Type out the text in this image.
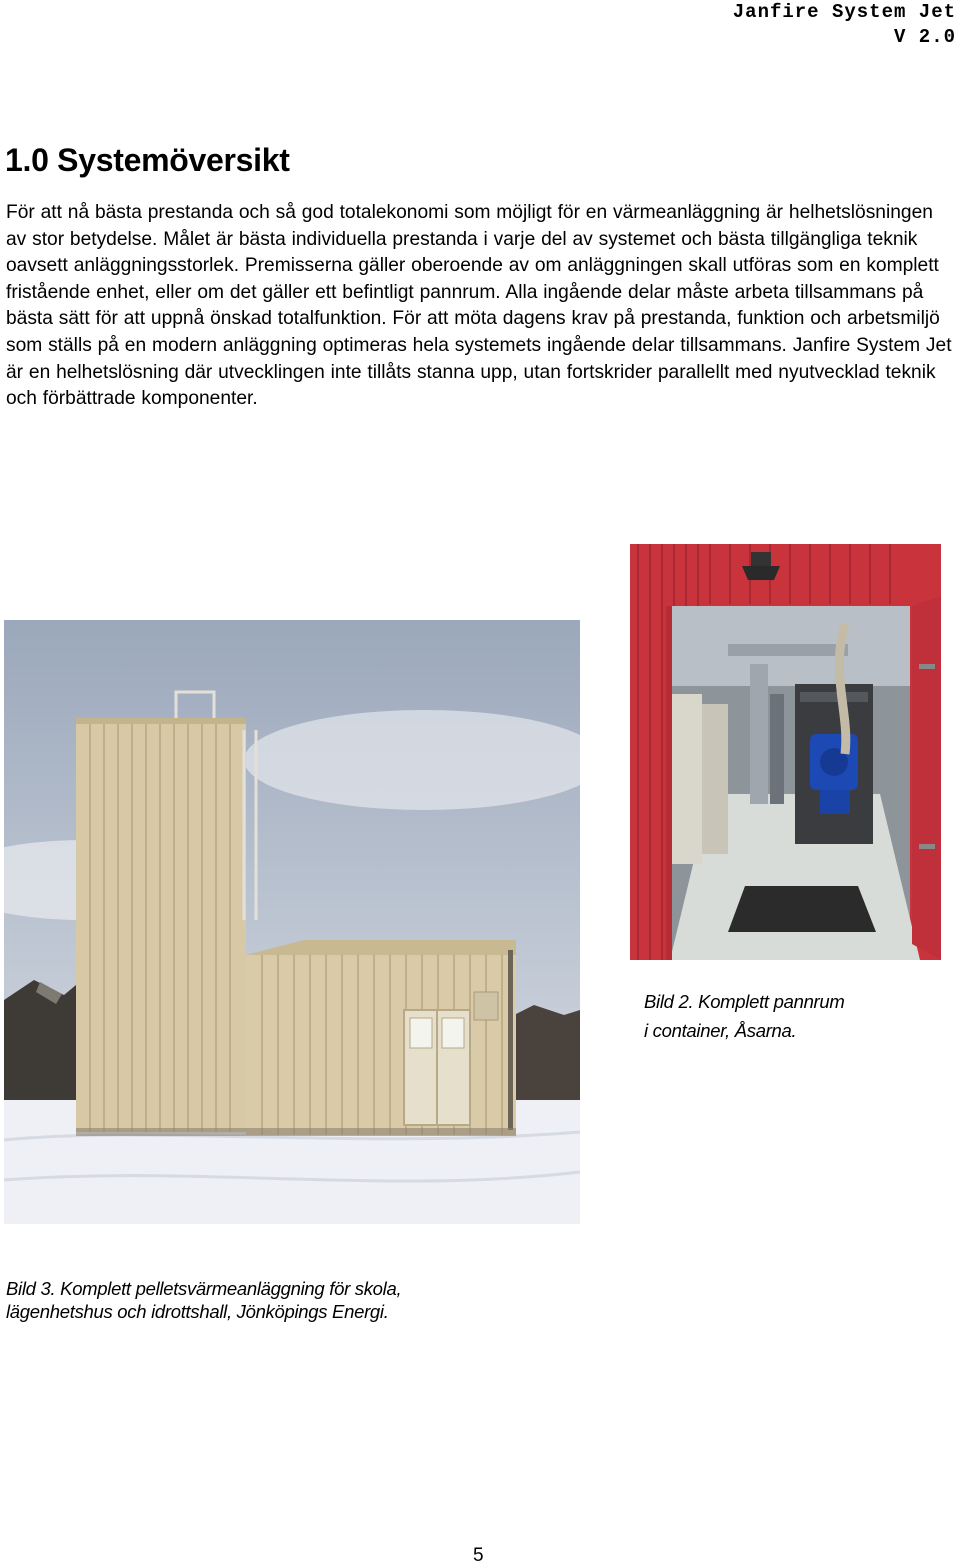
Janfire System Jet
V 2.0
1.0 Systemöversikt

För att nå bästa prestanda och så god totalekonomi som möjligt för en värmeanläggning är helhetslösningen av stor betydelse. Målet är bästa individuella prestanda i varje del av systemet och bästa tillgängliga teknik oavsett anläggningsstorlek. Premisserna gäller oberoende av om anläggningen skall utföras som en komplett fristående enhet, eller om det gäller ett befintligt pannrum. Alla ingående delar måste arbeta tillsammans på bästa sätt för att uppnå önskad totalfunktion. För att möta dagens krav på prestanda, funktion och arbetsmiljö som ställs på en modern anläggning optimeras hela systemets ingående delar tillsammans. Janfire System Jet är en helhetslösning där utvecklingen inte tillåts stanna upp, utan fortskrider parallellt med nyutvecklad teknik och förbättrade komponenter.

Bild 2. Komplett pannrum
i container, Åsarna.
Bild 3. Komplett pelletsvärmeanläggning för skola,
lägenhetshus och idrottshall, Jönköpings Energi.
5
